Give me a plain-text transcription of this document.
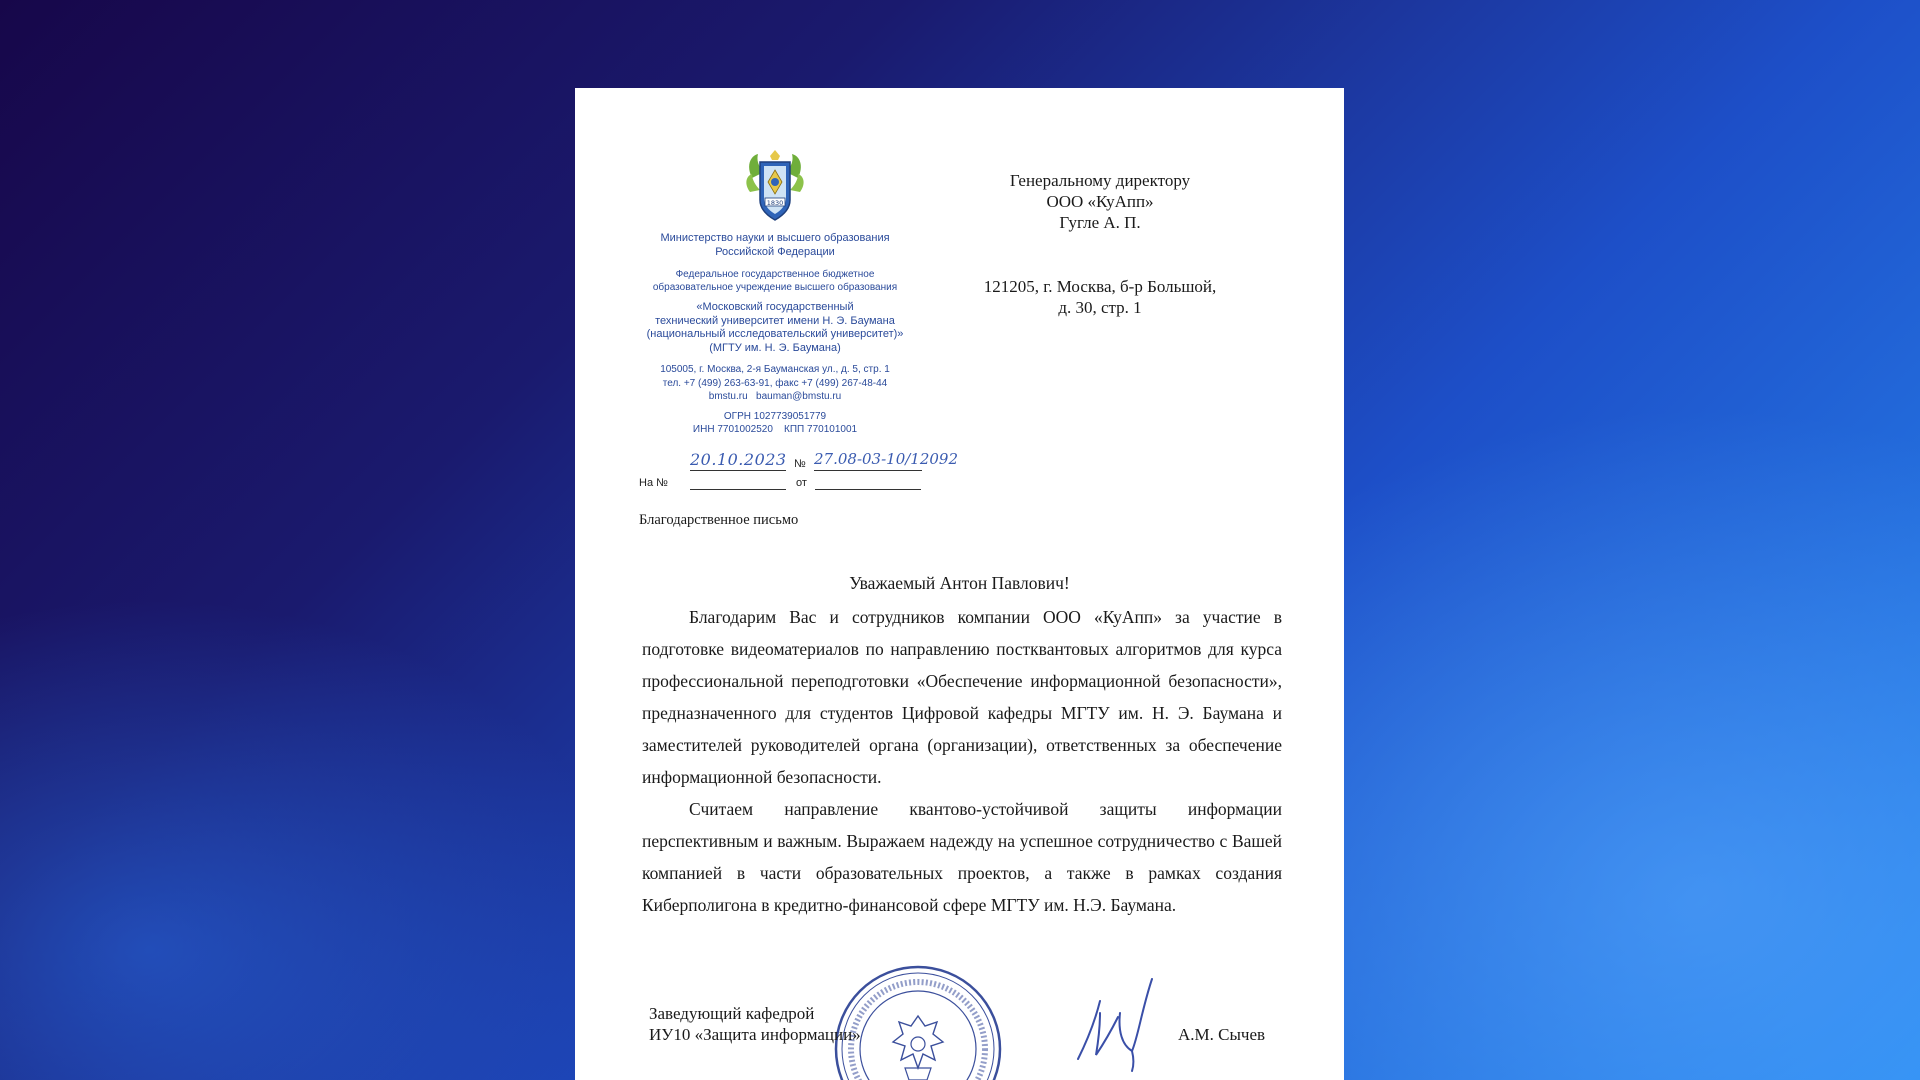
1830
Министерство науки и высшего образования
Российской Федерации
Федеральное государственное бюджетное
образовательное учреждение высшего образования
«Московский государственный
технический университет имени Н. Э. Баумана
(национальный исследовательский университет)»
(МГТУ им. Н. Э. Баумана)
105005, г. Москва, 2-я Бауманская ул., д. 5, стр. 1
тел. +7 (499) 263-63-91, факс +7 (499) 267-48-44
bmstu.ru bauman@bmstu.ru
ОГРН 1027739051779
ИНН 7701002520    КПП 770101001
Генеральному директору
ООО «КуАпп»
Гугле А. П.
121205, г. Москва, б-р Большой,
д. 30, стр. 1
20.10.2023 № 27.08-03-10/12092
На №	от
Благодарственное письмо
Уважаемый Антон Павлович!

Благодарим Вас и сотрудников компании ООО «КуАпп» за участие в подготовке видеоматериалов по направлению постквантовых алгоритмов для курса профессиональной переподготовки «Обеспечение информационной безопасности», предназначенного для студентов Цифровой кафедры МГТУ им. Н. Э. Баумана и заместителей руководителей органа (организации), ответственных за обеспечение информационной безопасности.

Считаем направление квантово-устойчивой защиты информации перспективным и важным. Выражаем надежду на успешное сотрудничество с Вашей компанией в части образовательных проектов, а также в рамках создания Киберполигона в кредитно-финансовой сфере МГТУ им. Н.Э. Баумана.

Заведующий кафедрой
ИУ10 «Защита информации»	А.М. Сычев
